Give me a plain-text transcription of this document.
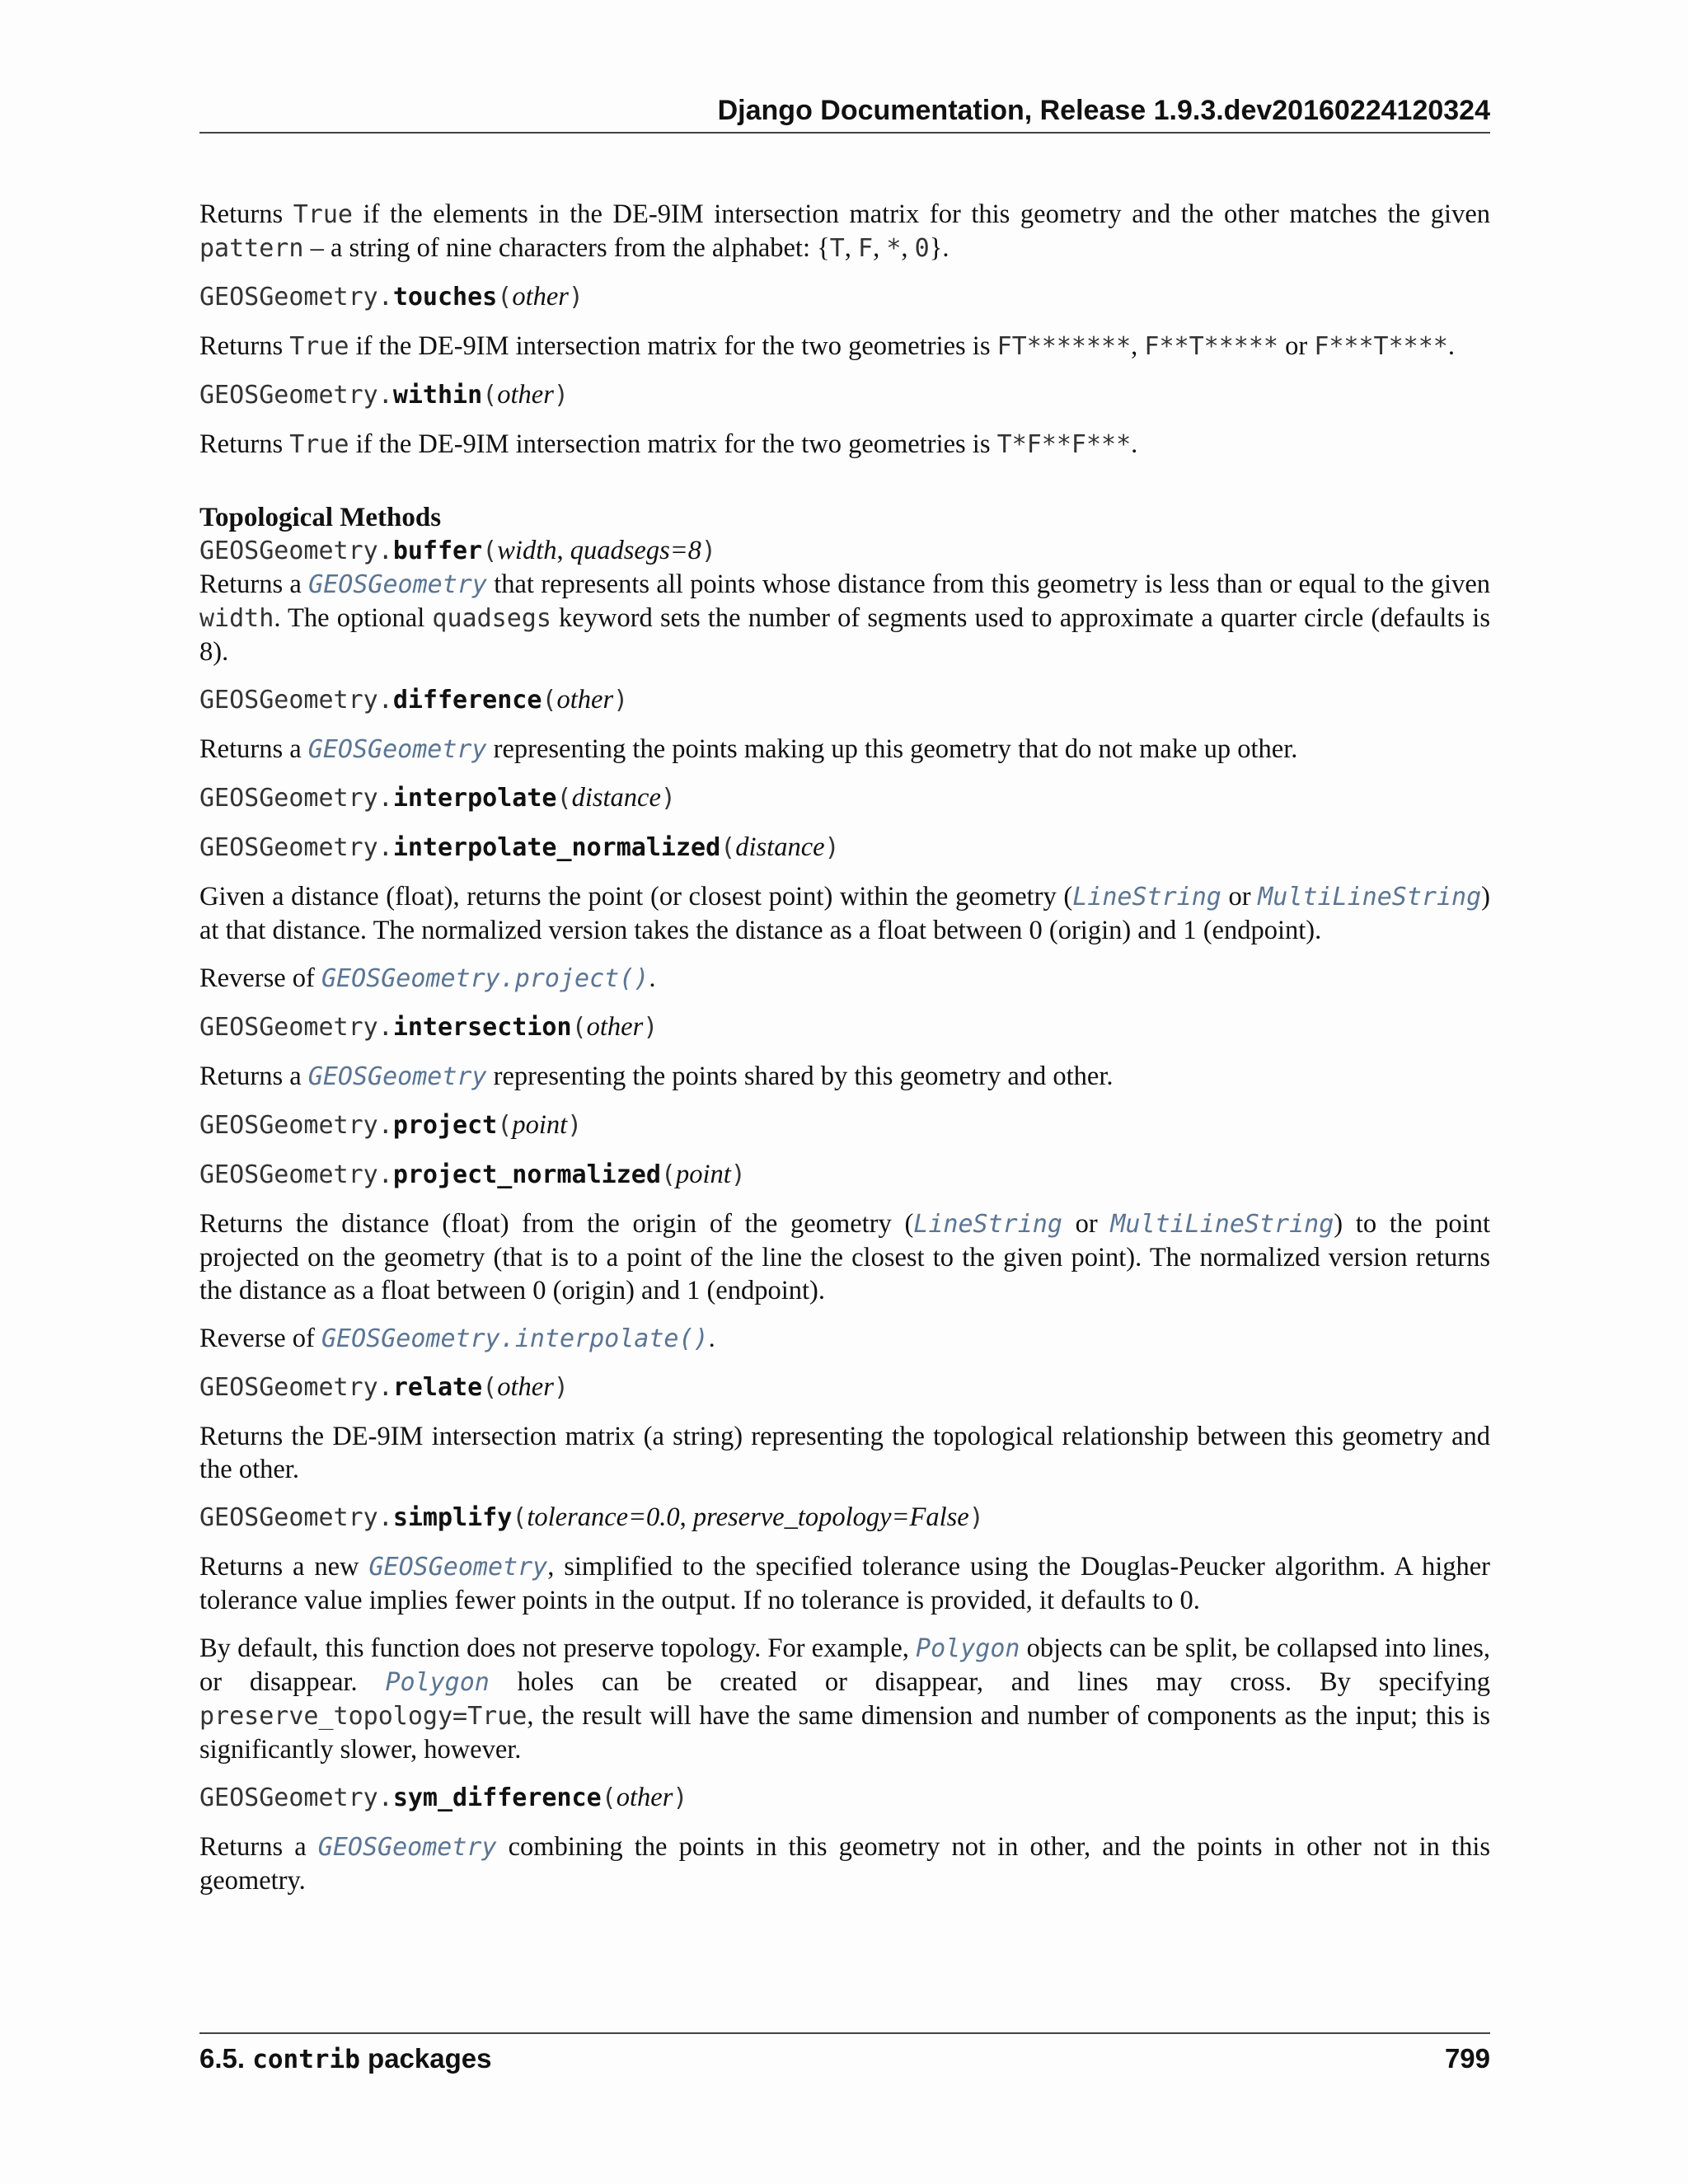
Django Documentation, Release 1.9.3.dev20160224120324

Returns True if the elements in the DE-9IM intersection matrix for this geometry and the other matches the given pattern – a string of nine characters from the alphabet: {T, F, *, 0}.

GEOSGeometry.touches(other)

Returns True if the DE-9IM intersection matrix for the two geometries is FT*******, F**T***** or F***T****.

GEOSGeometry.within(other)

Returns True if the DE-9IM intersection matrix for the two geometries is T*F**F***.

Topological Methods

GEOSGeometry.buffer(width, quadsegs=8)

Returns a GEOSGeometry that represents all points whose distance from this geometry is less than or equal to the given width. The optional quadsegs keyword sets the number of segments used to approximate a quarter circle (defaults is 8).

GEOSGeometry.difference(other)

Returns a GEOSGeometry representing the points making up this geometry that do not make up other.

GEOSGeometry.interpolate(distance)

GEOSGeometry.interpolate_normalized(distance)

Given a distance (float), returns the point (or closest point) within the geometry (LineString or MultiLineString) at that distance. The normalized version takes the distance as a float between 0 (origin) and 1 (endpoint).

Reverse of GEOSGeometry.project().

GEOSGeometry.intersection(other)

Returns a GEOSGeometry representing the points shared by this geometry and other.

GEOSGeometry.project(point)

GEOSGeometry.project_normalized(point)

Returns the distance (float) from the origin of the geometry (LineString or MultiLineString) to the point projected on the geometry (that is to a point of the line the closest to the given point). The normalized version returns the distance as a float between 0 (origin) and 1 (endpoint).

Reverse of GEOSGeometry.interpolate().

GEOSGeometry.relate(other)

Returns the DE-9IM intersection matrix (a string) representing the topological relationship between this geometry and the other.

GEOSGeometry.simplify(tolerance=0.0, preserve_topology=False)

Returns a new GEOSGeometry, simplified to the specified tolerance using the Douglas-Peucker algorithm. A higher tolerance value implies fewer points in the output. If no tolerance is provided, it defaults to 0.

By default, this function does not preserve topology. For example, Polygon objects can be split, be collapsed into lines, or disappear. Polygon holes can be created or disappear, and lines may cross. By specifying preserve_topology=True, the result will have the same dimension and number of components as the input; this is significantly slower, however.

GEOSGeometry.sym_difference(other)

Returns a GEOSGeometry combining the points in this geometry not in other, and the points in other not in this geometry.

6.5. contrib packages	799
